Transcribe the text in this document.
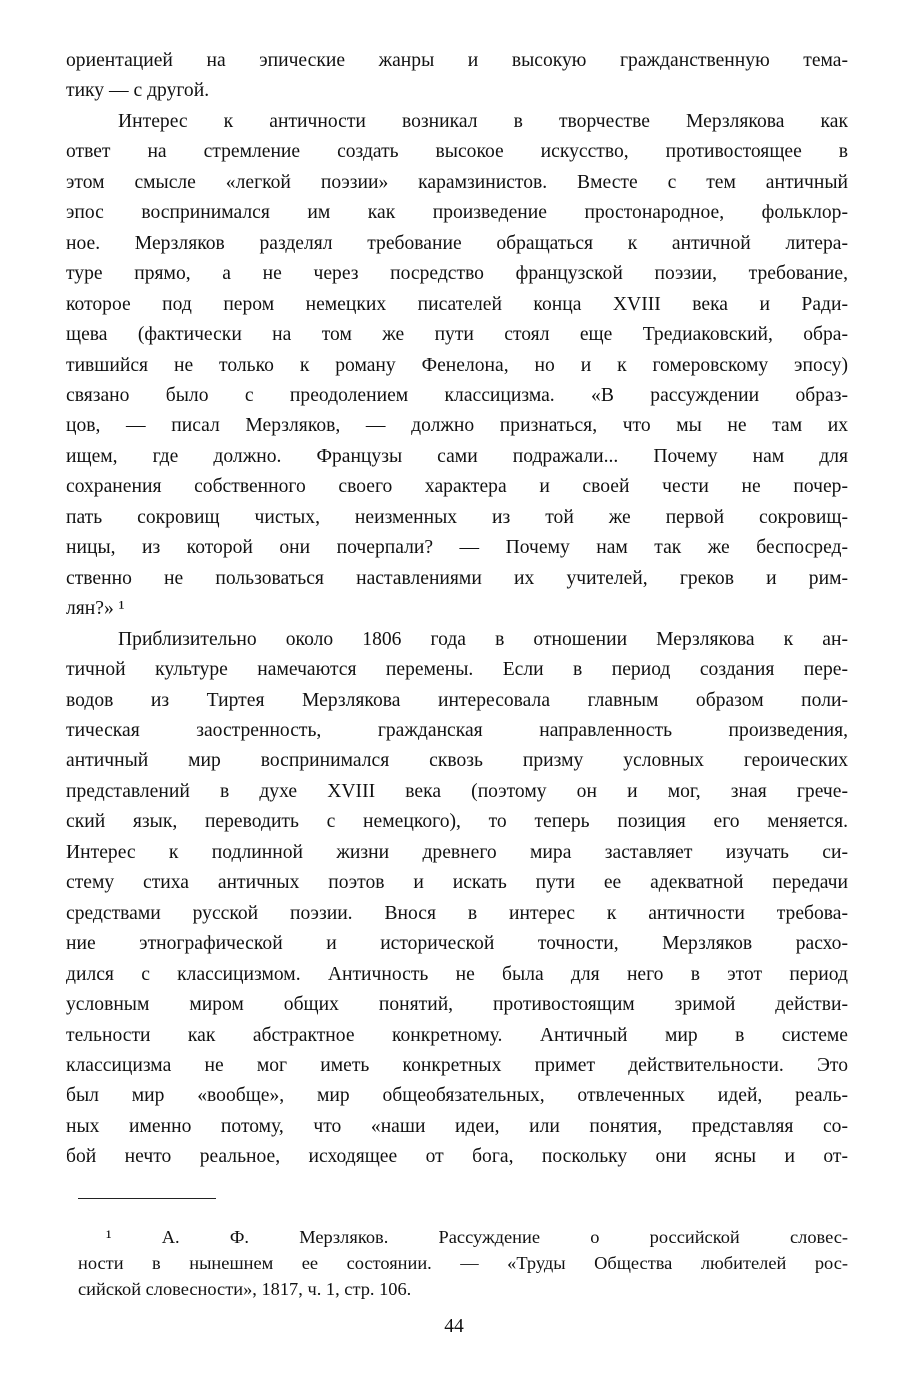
ориентацией на эпические жанры и высокую гражданственную тема-
тику — с другой.
Интерес к античности возникал в творчестве Мерзлякова как
ответ на стремление создать высокое искусство, противостоящее в
этом смысле «легкой поэзии» карамзинистов. Вместе с тем античный
эпос воспринимался им как произведение простонародное, фольклор-
ное. Мерзляков разделял требование обращаться к античной литера-
туре прямо, а не через посредство французской поэзии, требование,
которое под пером немецких писателей конца XVIII века и Ради-
щева (фактически на том же пути стоял еще Тредиаковский, обра-
тившийся не только к роману Фенелона, но и к гомеровскому эпосу)
связано было с преодолением классицизма. «В рассуждении образ-
цов, — писал Мерзляков, — должно признаться, что мы не там их
ищем, где должно. Французы сами подражали... Почему нам для
сохранения собственного своего характера и своей чести не почер-
пать сокровищ чистых, неизменных из той же первой сокровищ-
ницы, из которой они почерпали? — Почему нам так же беспосред-
ственно не пользоваться наставлениями их учителей, греков и рим-
лян?» ¹
Приблизительно около 1806 года в отношении Мерзлякова к ан-
тичной культуре намечаются перемены. Если в период создания пере-
водов из Тиртея Мерзлякова интересовала главным образом поли-
тическая заостренность, гражданская направленность произведения,
античный мир воспринимался сквозь призму условных героических
представлений в духе XVIII века (поэтому он и мог, зная грече-
ский язык, переводить с немецкого), то теперь позиция его меняется.
Интерес к подлинной жизни древнего мира заставляет изучать си-
стему стиха античных поэтов и искать пути ее адекватной передачи
средствами русской поэзии. Внося в интерес к античности требова-
ние этнографической и исторической точности, Мерзляков расхо-
дился с классицизмом. Античность не была для него в этот период
условным миром общих понятий, противостоящим зримой действи-
тельности как абстрактное конкретному. Античный мир в системе
классицизма не мог иметь конкретных примет действительности. Это
был мир «вообще», мир общеобязательных, отвлеченных идей, реаль-
ных именно потому, что «наши идеи, или понятия, представляя со-
бой нечто реальное, исходящее от бога, поскольку они ясны и от-
¹ А. Ф. Мерзляков. Рассуждение о российской словес-
ности в нынешнем ее состоянии. — «Труды Общества любителей рос-
сийской словесности», 1817, ч. 1, стр. 106.
44
